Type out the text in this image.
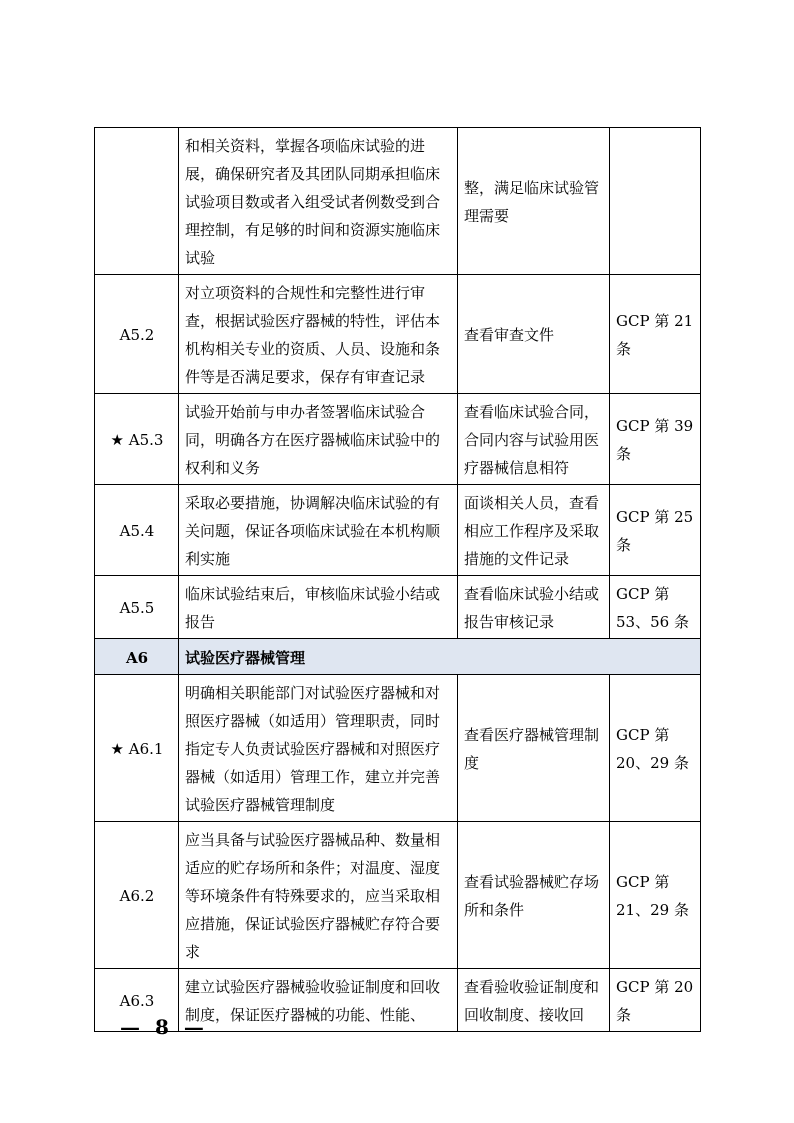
	和相关资料，掌握各项临床试验的进展，确保研究者及其团队同期承担临床试验项目数或者入组受试者例数受到合理控制，有足够的时间和资源实施临床试验	整，满足临床试验管理需要	
A5.2	对立项资料的合规性和完整性进行审查，根据试验医疗器械的特性，评估本机构相关专业的资质、人员、设施和条件等是否满足要求，保存有审查记录	查看审查文件	GCP 第 21 条
★ A5.3	试验开始前与申办者签署临床试验合同，明确各方在医疗器械临床试验中的权利和义务	查看临床试验合同，合同内容与试验用医疗器械信息相符	GCP 第 39 条
A5.4	采取必要措施，协调解决临床试验的有关问题，保证各项临床试验在本机构顺利实施	面谈相关人员，查看相应工作程序及采取措施的文件记录	GCP 第 25 条
A5.5	临床试验结束后，审核临床试验小结或报告	查看临床试验小结或报告审核记录	GCP 第 53、56 条
A6	试验医疗器械管理		
★ A6.1	明确相关职能部门对试验医疗器械和对照医疗器械（如适用）管理职责，同时指定专人负责试验医疗器械和对照医疗器械（如适用）管理工作，建立并完善试验医疗器械管理制度	查看医疗器械管理制度	GCP 第 20、29 条
A6.2	应当具备与试验医疗器械品种、数量相适应的贮存场所和条件；对温度、湿度等环境条件有特殊要求的，应当采取相应措施，保证试验医疗器械贮存符合要求	查看试验器械贮存场所和条件	GCP 第 21、29 条
A6.3	建立试验医疗器械验收验证制度和回收制度，保证医疗器械的功能、性能、	查看验收验证制度和回收制度、接收回	GCP 第 20 条
— 8 —
